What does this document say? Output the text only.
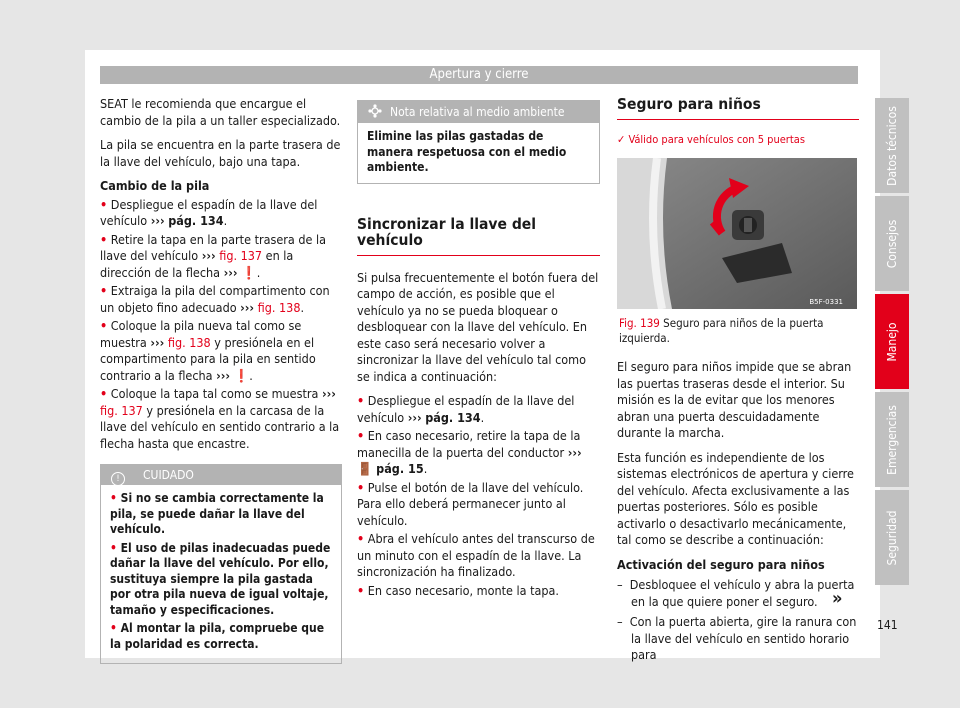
Apertura y cierre

SEAT le recomienda que encargue el cambio de la pila a un taller especializado.

La pila se encuentra en la parte trasera de la llave del vehículo, bajo una tapa.

Cambio de la pila

• Despliegue el espadín de la llave del vehículo ››› pág. 134.

• Retire la tapa en la parte trasera de la llave del vehículo ››› fig. 137 en la dirección de la flecha ››› ❗.

• Extraiga la pila del compartimento con un objeto fino adecuado ››› fig. 138.

• Coloque la pila nueva tal como se muestra ››› fig. 138 y presiónela en el compartimento para la pila en sentido contrario a la flecha ››› ❗.

• Coloque la tapa tal como se muestra ››› fig. 137 y presiónela en la carcasa de la llave del vehículo en sentido contrario a la flecha hasta que encastre.

! CUIDADO

• Si no se cambia correctamente la pila, se puede dañar la llave del vehículo.

• El uso de pilas inadecuadas puede dañar la llave del vehículo. Por ello, sustituya siempre la pila gastada por otra pila nueva de igual voltaje, tamaño y especificaciones.

• Al montar la pila, compruebe que la polaridad es correcta.

Nota relativa al medio ambiente
Elimine las pilas gastadas de manera respetuosa con el medio ambiente.
Sincronizar la llave del vehículo

Si pulsa frecuentemente el botón fuera del campo de acción, es posible que el vehículo ya no se pueda bloquear o desbloquear con la llave del vehículo. En este caso será necesario volver a sincronizar la llave del vehículo tal como se indica a continuación:

• Despliegue el espadín de la llave del vehículo ››› pág. 134.

• En caso necesario, retire la tapa de la manecilla de la puerta del conductor ››› 🚪 pág. 15.

• Pulse el botón de la llave del vehículo. Para ello deberá permanecer junto al vehículo.

• Abra el vehículo antes del transcurso de un minuto con el espadín de la llave. La sincronización ha finalizado.

• En caso necesario, monte la tapa.

Seguro para niños
✓ Válido para vehículos con 5 puertas
B5F-0331
Fig. 139 Seguro para niños de la puerta izquierda.

El seguro para niños impide que se abran las puertas traseras desde el interior. Su misión es la de evitar que los menores abran una puerta descuidadamente durante la marcha.

Esta función es independiente de los sistemas electrónicos de apertura y cierre del vehículo. Afecta exclusivamente a las puertas posteriores. Sólo es posible activarlo o desactivarlo mecánicamente, tal como se describe a continuación:

Activación del seguro para niños

–  Desbloquee el vehículo y abra la puerta en la que quiere poner el seguro.

–  Con la puerta abierta, gire la ranura con la llave del vehículo en sentido horario para

»
Datos técnicos
Consejos
Manejo
Emergencias
Seguridad
141
